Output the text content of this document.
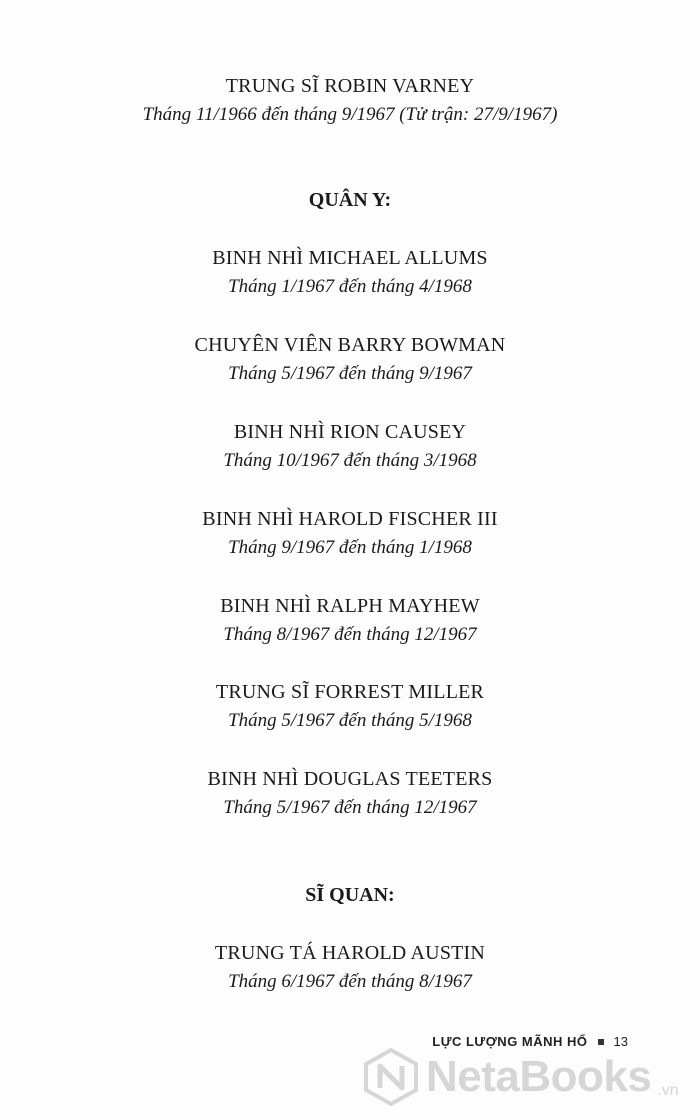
TRUNG SĨ ROBIN VARNEY
Tháng 11/1966 đến tháng 9/1967 (Tử trận: 27/9/1967)
QUÂN Y:
BINH NHÌ MICHAEL ALLUMS
Tháng 1/1967 đến tháng 4/1968
CHUYÊN VIÊN BARRY BOWMAN
Tháng 5/1967 đến tháng 9/1967
BINH NHÌ RION CAUSEY
Tháng 10/1967 đến tháng 3/1968
BINH NHÌ HAROLD FISCHER III
Tháng 9/1967 đến tháng 1/1968
BINH NHÌ RALPH MAYHEW
Tháng 8/1967 đến tháng 12/1967
TRUNG SĨ FORREST MILLER
Tháng 5/1967 đến tháng 5/1968
BINH NHÌ DOUGLAS TEETERS
Tháng 5/1967 đến tháng 12/1967
SĨ QUAN:
TRUNG TÁ HAROLD AUSTIN
Tháng 6/1967 đến tháng 8/1967
LỰC LƯỢNG MÃNH HỔ 13
NetaBooks .vn
